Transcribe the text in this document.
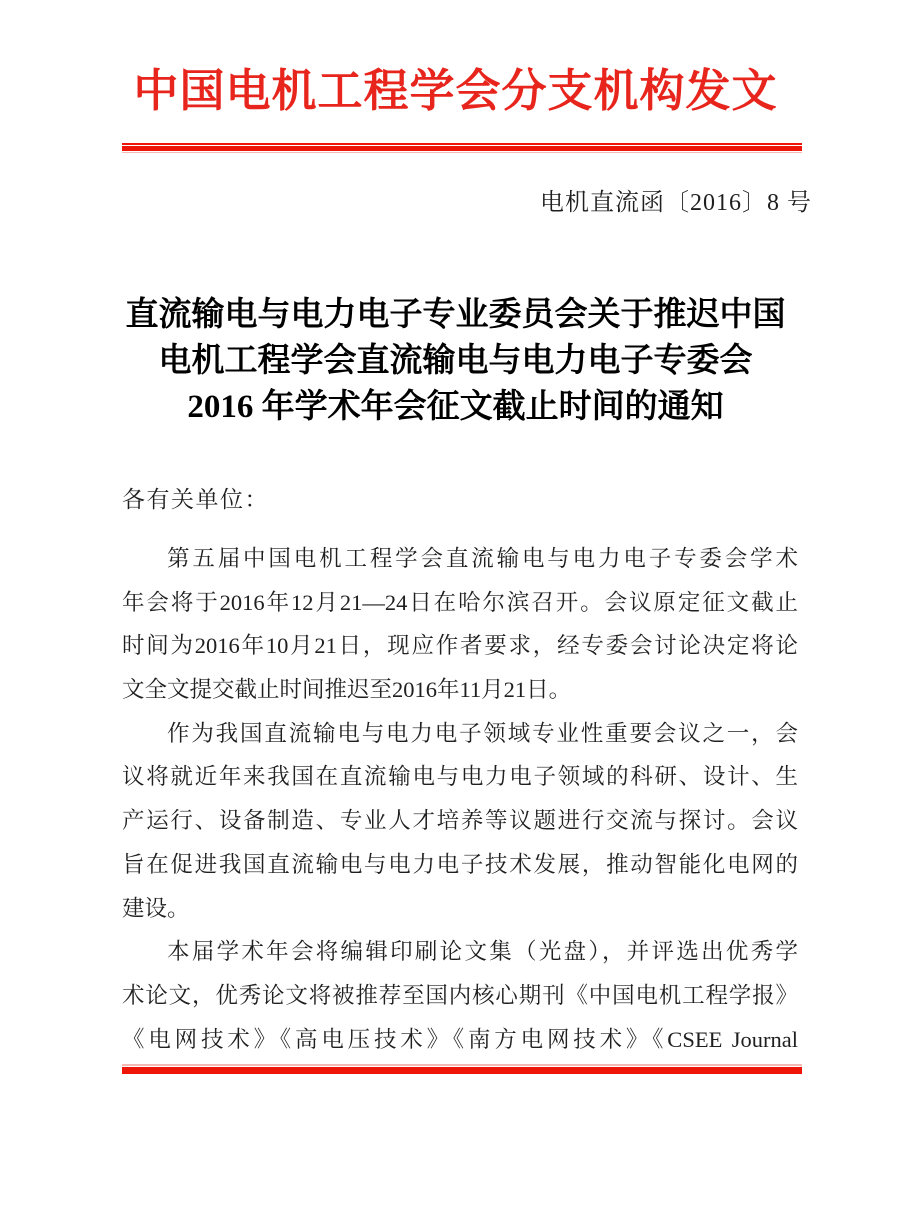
中国电机工程学会分支机构发文
电机直流函〔2016〕8 号
直流输电与电力电子专业委员会关于推迟中国
电机工程学会直流输电与电力电子专委会
2016 年学术年会征文截止时间的通知
各有关单位：
第五届中国电机工程学会直流输电与电力电子专委会学术
年会将于2016年12月21—24日在哈尔滨召开。会议原定征文截止
时间为2016年10月21日，现应作者要求，经专委会讨论决定将论
文全文提交截止时间推迟至2016年11月21日。
作为我国直流输电与电力电子领域专业性重要会议之一，会
议将就近年来我国在直流输电与电力电子领域的科研、设计、生
产运行、设备制造、专业人才培养等议题进行交流与探讨。会议
旨在促进我国直流输电与电力电子技术发展，推动智能化电网的
建设。
本届学术年会将编辑印刷论文集（光盘），并评选出优秀学
术论文，优秀论文将被推荐至国内核心期刊《中国电机工程学报》
《电网技术》《高电压技术》《南方电网技术》《CSEE Journal
